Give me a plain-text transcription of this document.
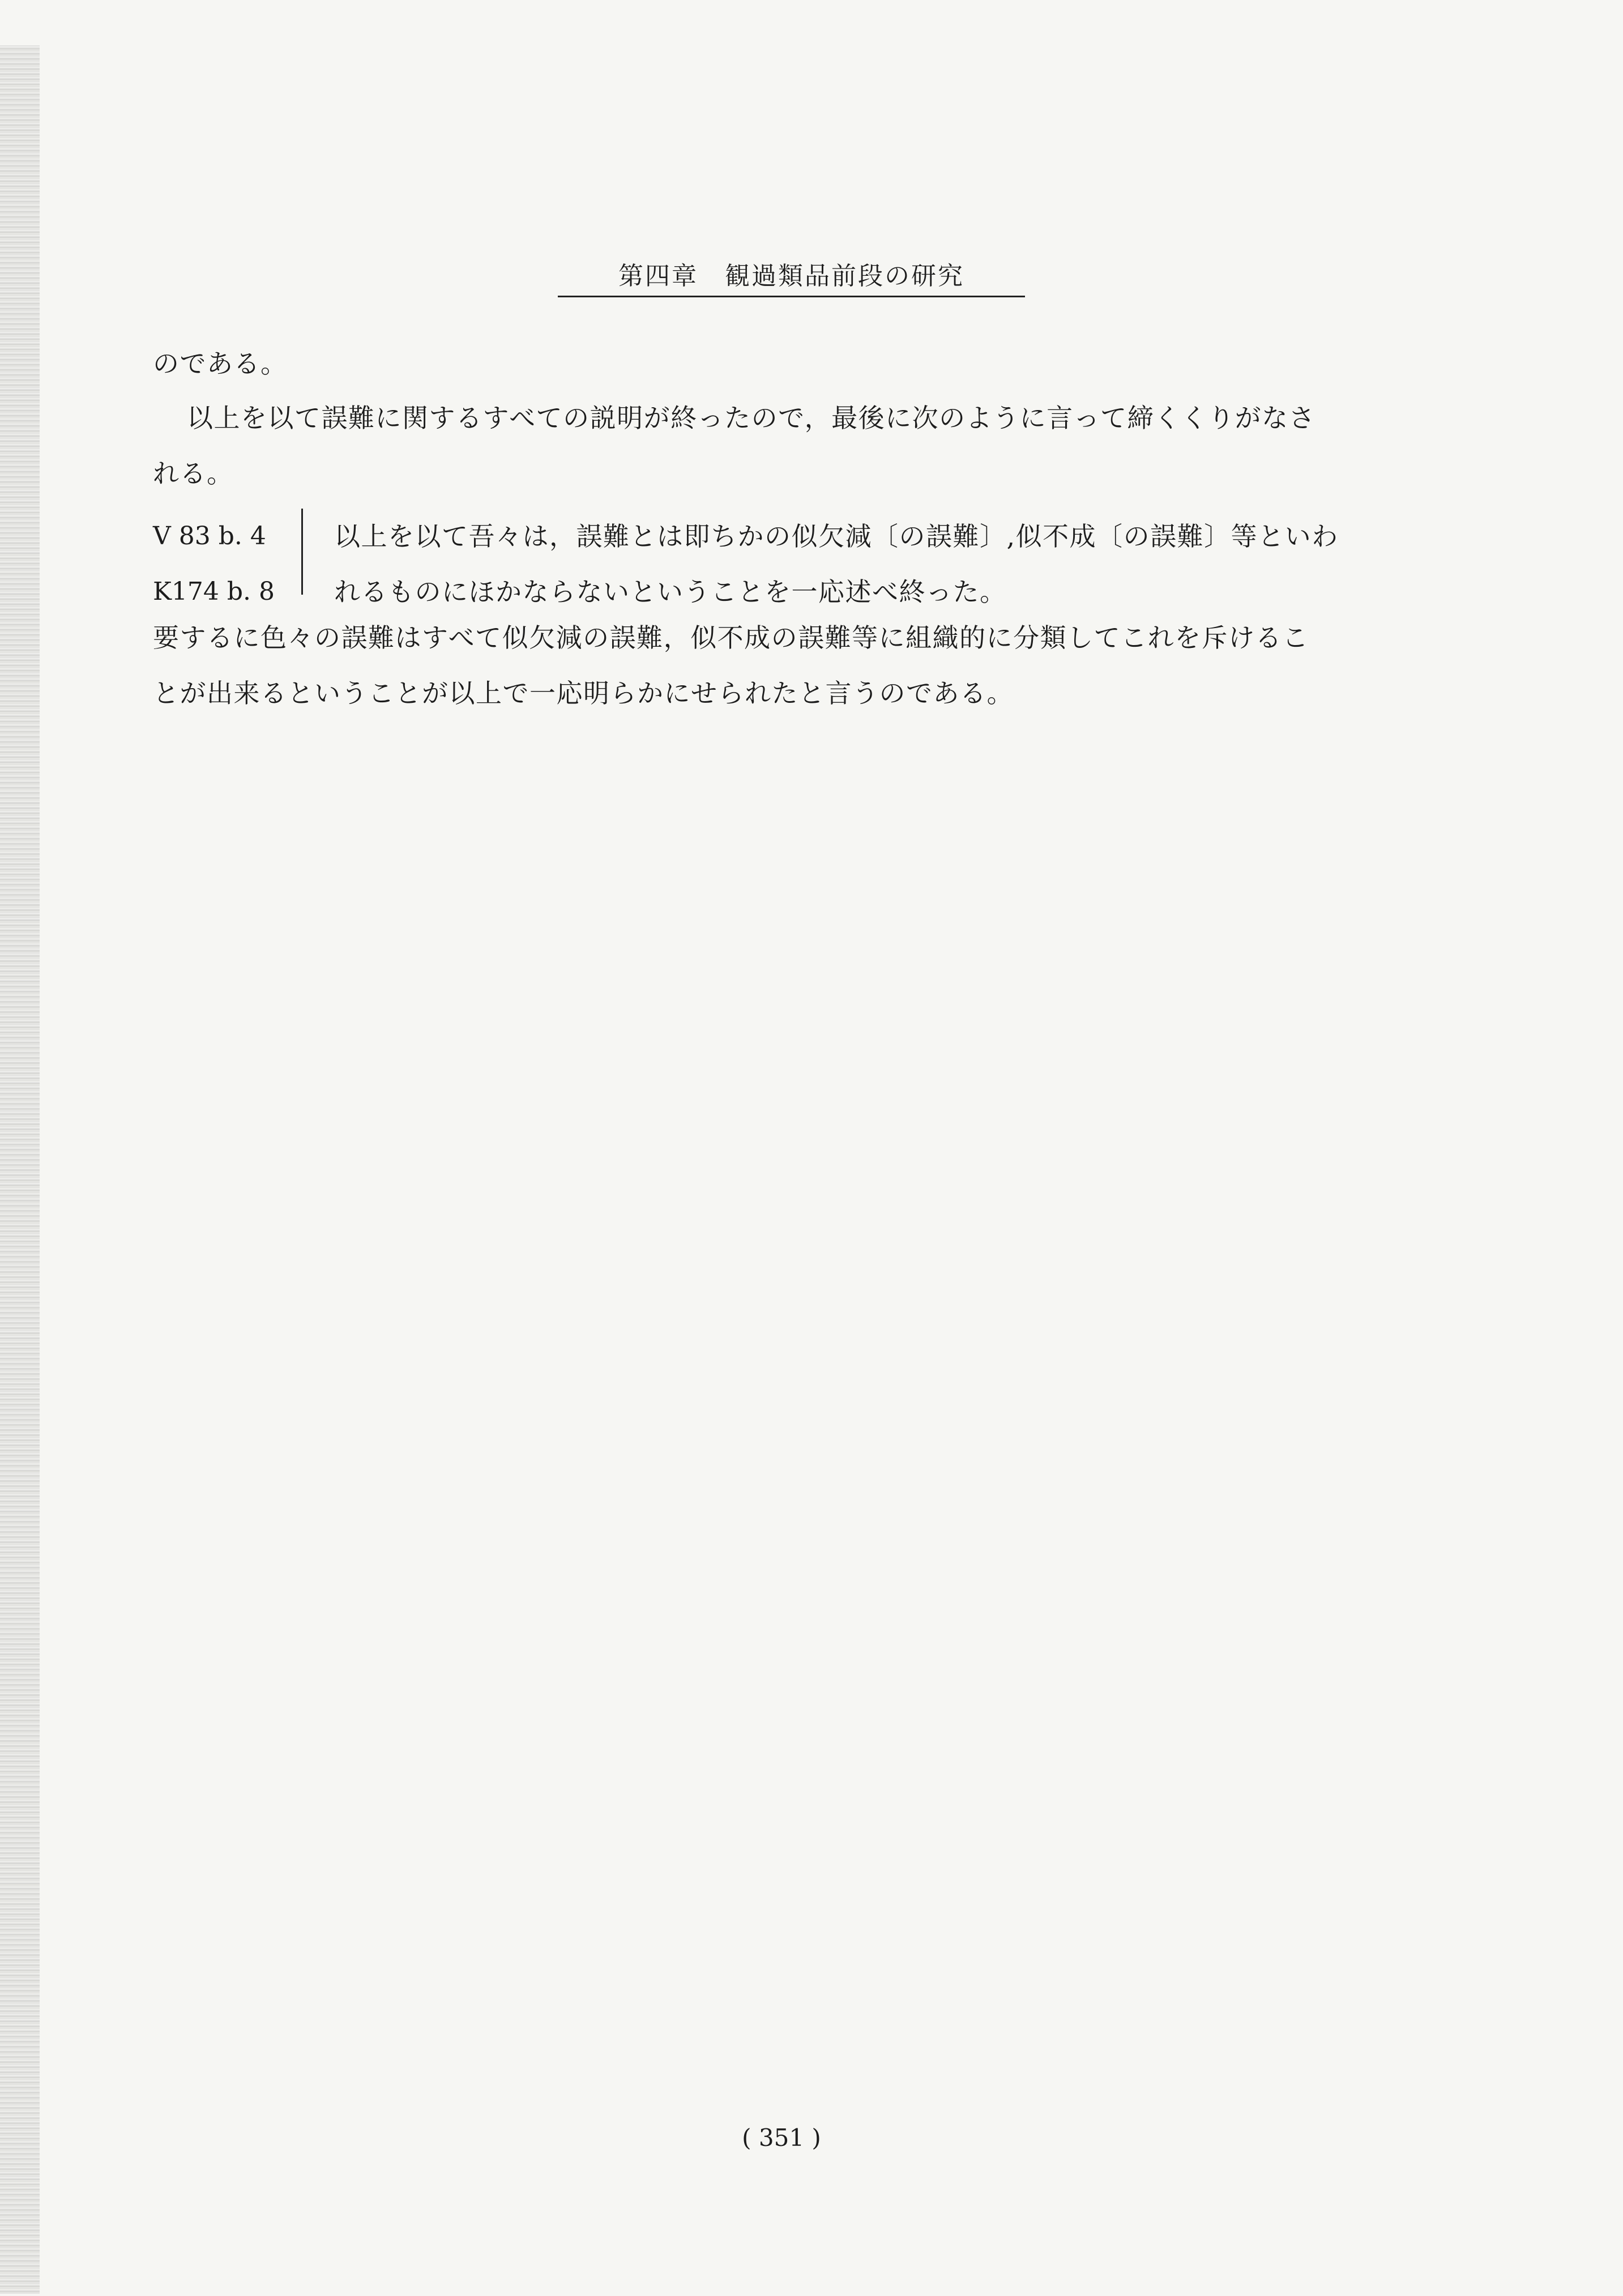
第四章　観過類品前段の研究
のである。
以上を以て誤難に関するすべての説明が終ったので，最後に次のように言って締くくりがなさ
れる。
V 83 b. 4
K174 b. 8
以上を以て吾々は，誤難とは即ちかの似欠減〔の誤難〕,似不成〔の誤難〕等といわ
れるものにほかならないということを一応述べ終った。
要するに色々の誤難はすべて似欠減の誤難，似不成の誤難等に組織的に分類してこれを斥けるこ
とが出来るということが以上で一応明らかにせられたと言うのである。
( 351 )
